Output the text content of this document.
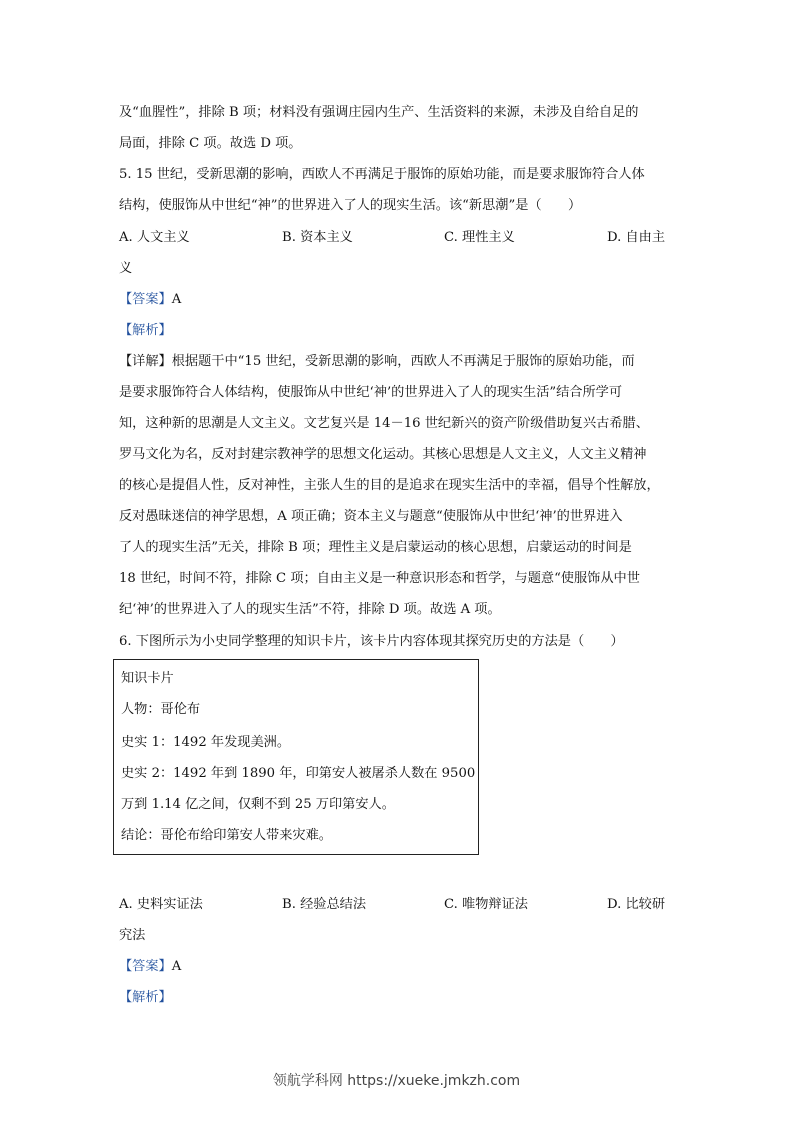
及“血腥性”，排除 B 项；材料没有强调庄园内生产、生活资料的来源，未涉及自给自足的
局面，排除 C 项。故选 D 项。
5. 15 世纪，受新思潮的影响，西欧人不再满足于服饰的原始功能，而是要求服饰符合人体
结构，使服饰从中世纪“神”的世界进入了人的现实生活。该“新思潮”是（　　）
A. 人文主义	B. 资本主义	C. 理性主义	D. 自由主
义
【答案】A
【解析】
【详解】根据题干中“15 世纪，受新思潮的影响，西欧人不再满足于服饰的原始功能，而
是要求服饰符合人体结构，使服饰从中世纪‘神’的世界进入了人的现实生活”结合所学可
知，这种新的思潮是人文主义。文艺复兴是 14－16 世纪新兴的资产阶级借助复兴古希腊、
罗马文化为名，反对封建宗教神学的思想文化运动。其核心思想是人文主义，人文主义精神
的核心是提倡人性，反对神性，主张人生的目的是追求在现实生活中的幸福，倡导个性解放，
反对愚昧迷信的神学思想，A 项正确；资本主义与题意“使服饰从中世纪‘神’的世界进入
了人的现实生活”无关，排除 B 项；理性主义是启蒙运动的核心思想，启蒙运动的时间是
18 世纪，时间不符，排除 C 项；自由主义是一种意识形态和哲学，与题意“使服饰从中世
纪‘神’的世界进入了人的现实生活”不符，排除 D 项。故选 A 项。
6. 下图所示为小史同学整理的知识卡片，该卡片内容体现其探究历史的方法是（　　）
知识卡片
人物：哥伦布
史实 1：1492 年发现美洲。
史实 2：1492 年到 1890 年，印第安人被屠杀人数在 9500
万到 1.14 亿之间，仅剩不到 25 万印第安人。
结论：哥伦布给印第安人带来灾难。
A. 史料实证法	B. 经验总结法	C. 唯物辩证法	D. 比较研
究法
【答案】A
【解析】
领航学科网 https://xueke.jmkzh.com
